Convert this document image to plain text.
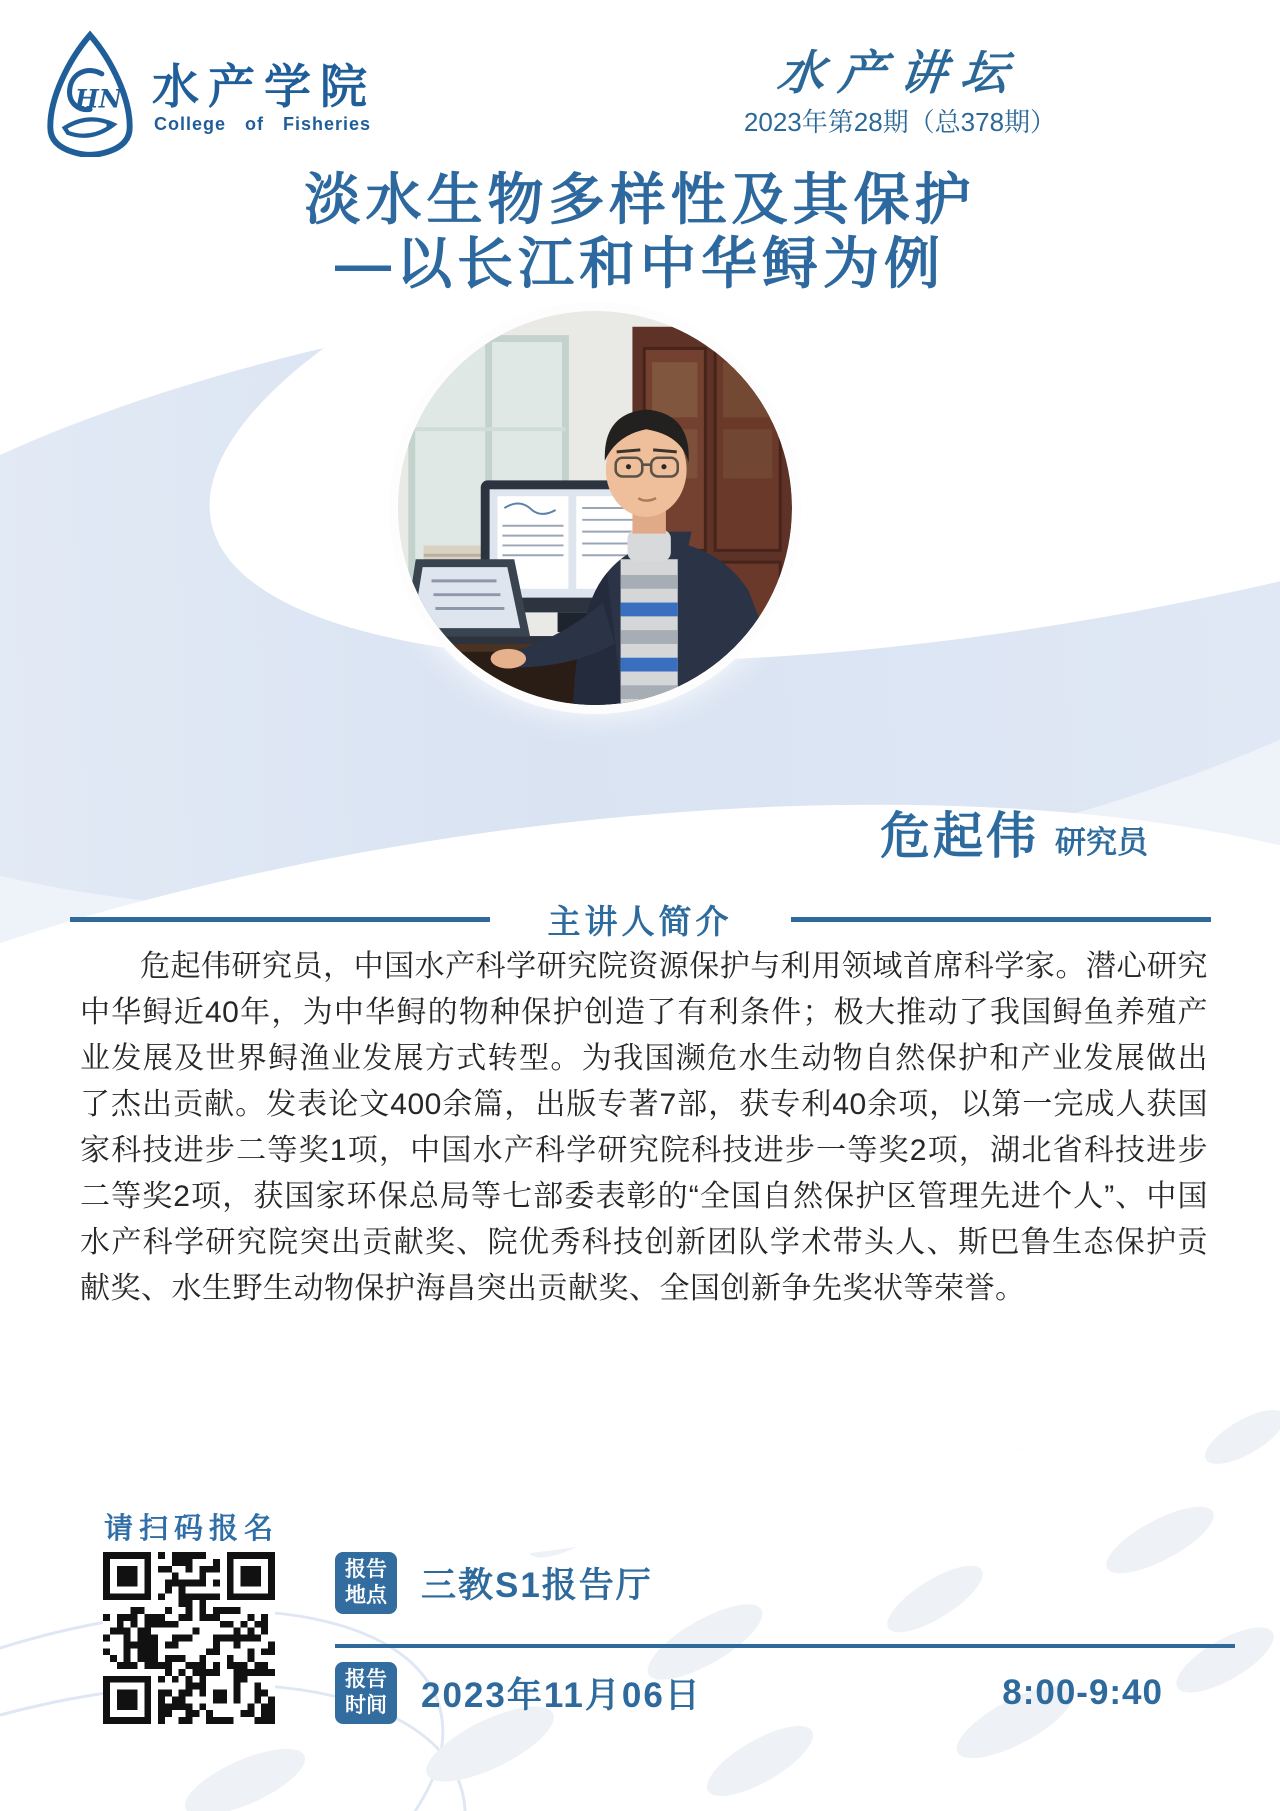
HN 水产学院
College of Fisheries
水产讲坛
2023年第28期（总378期）
淡水生物多样性及其保护
—以长江和中华鲟为例
危起伟 研究员
主讲人简介

危起伟研究员，中国水产科学研究院资源保护与利用领域首席科学家。潜心研究中华鲟近40年，为中华鲟的物种保护创造了有利条件；极大推动了我国鲟鱼养殖产业发展及世界鲟渔业发展方式转型。为我国濒危水生动物自然保护和产业发展做出了杰出贡献。发表论文400余篇，出版专著7部，获专利40余项，以第一完成人获国家科技进步二等奖1项，中国水产科学研究院科技进步一等奖2项，湖北省科技进步二等奖2项，获国家环保总局等七部委表彰的“全国自然保护区管理先进个人”、中国水产科学研究院突出贡献奖、院优秀科技创新团队学术带头人、斯巴鲁生态保护贡献奖、水生野生动物保护海昌突出贡献奖、全国创新争先奖状等荣誉。

请扫码报名
报告
地点 三教S1报告厅
报告
时间 2023年11月06日	8:00-9:40
